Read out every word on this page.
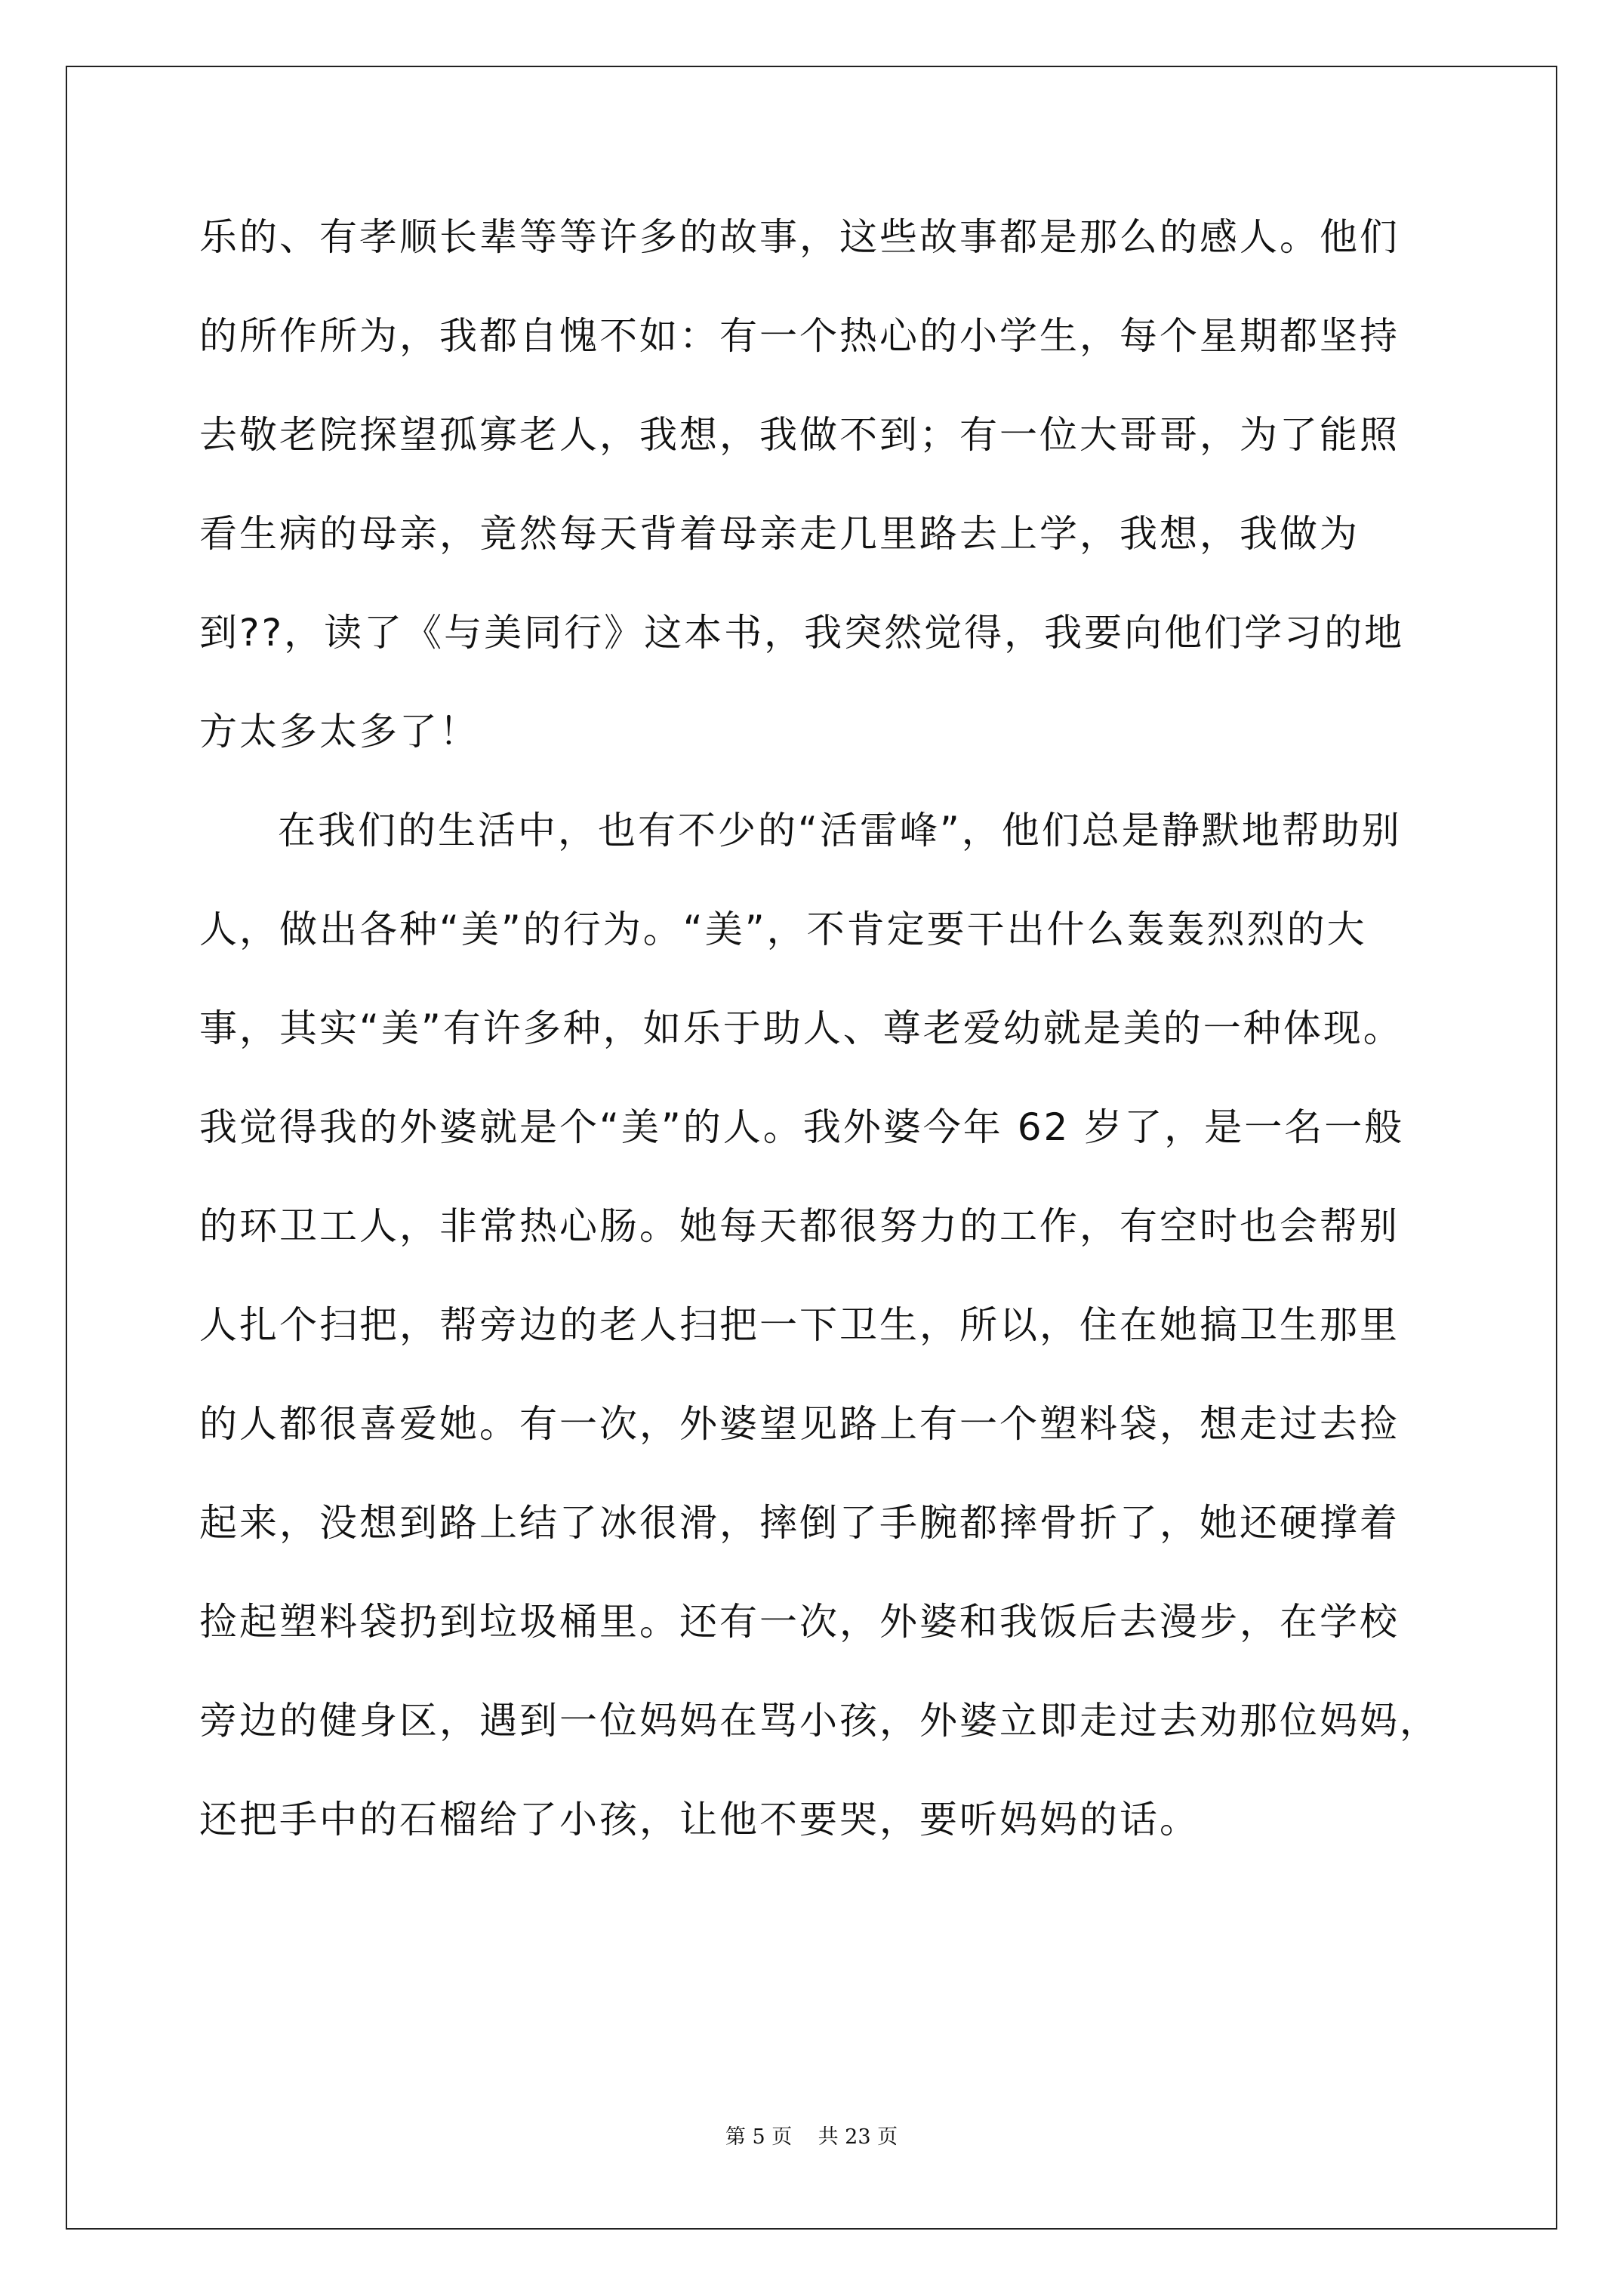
乐的、有孝顺长辈等等许多的故事，这些故事都是那么的感人。他们
的所作所为，我都自愧不如：有一个热心的小学生，每个星期都坚持
去敬老院探望孤寡老人，我想，我做不到；有一位大哥哥，为了能照
看生病的母亲，竟然每天背着母亲走几里路去上学，我想，我做为
到??，读了《与美同行》这本书，我突然觉得，我要向他们学习的地
方太多太多了！
在我们的生活中，也有不少的“活雷峰”，他们总是静默地帮助别
人，做出各种“美”的行为。“美”，不肯定要干出什么轰轰烈烈的大
事，其实“美”有许多种，如乐于助人、尊老爱幼就是美的一种体现。
我觉得我的外婆就是个“美”的人。我外婆今年 62 岁了，是一名一般
的环卫工人，非常热心肠。她每天都很努力的工作，有空时也会帮别
人扎个扫把，帮旁边的老人扫把一下卫生，所以，住在她搞卫生那里
的人都很喜爱她。有一次，外婆望见路上有一个塑料袋，想走过去捡
起来，没想到路上结了冰很滑，摔倒了手腕都摔骨折了，她还硬撑着
捡起塑料袋扔到垃圾桶里。还有一次，外婆和我饭后去漫步，在学校
旁边的健身区，遇到一位妈妈在骂小孩，外婆立即走过去劝那位妈妈，
还把手中的石榴给了小孩，让他不要哭，要听妈妈的话。
第 5 页    共 23 页
